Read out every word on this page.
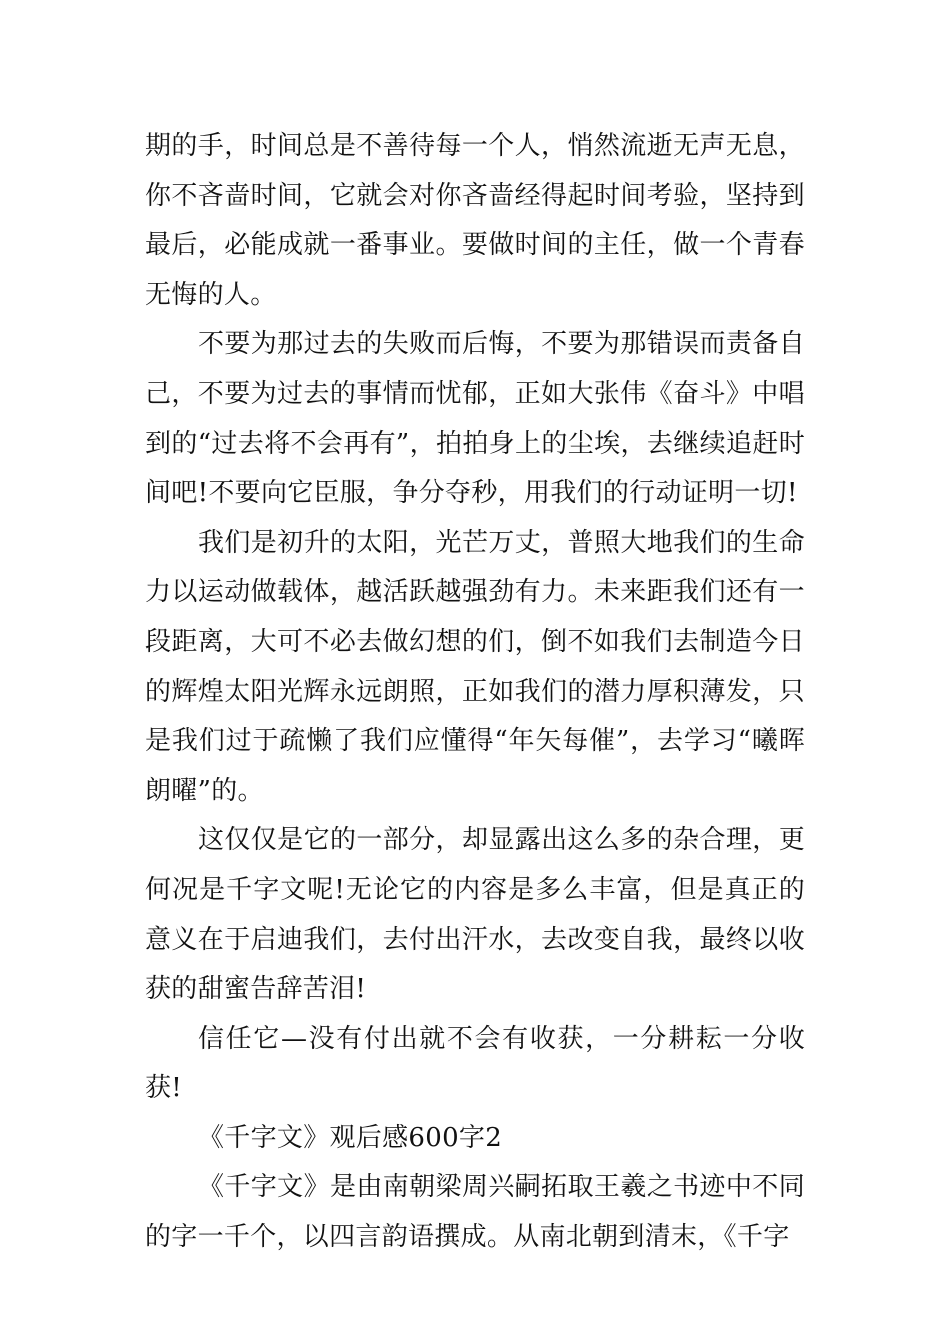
期的手，时间总是不善待每一个人，悄然流逝无声无息，你不吝啬时间，它就会对你吝啬经得起时间考验，坚持到最后，必能成就一番事业。要做时间的主任，做一个青春无悔的人。

不要为那过去的失败而后悔，不要为那错误而责备自己，不要为过去的事情而忧郁，正如大张伟《奋斗》中唱到的“过去将不会再有”，拍拍身上的尘埃，去继续追赶时间吧!不要向它臣服，争分夺秒，用我们的行动证明一切!

我们是初升的太阳，光芒万丈，普照大地我们的生命力以运动做载体，越活跃越强劲有力。未来距我们还有一段距离，大可不必去做幻想的们，倒不如我们去制造今日的辉煌太阳光辉永远朗照，正如我们的潜力厚积薄发，只是我们过于疏懒了我们应懂得“年矢每催”，去学习“曦晖朗曜”的。

这仅仅是它的一部分，却显露出这么多的杂合理，更何况是千字文呢!无论它的内容是多么丰富，但是真正的意义在于启迪我们，去付出汗水，去改变自我，最终以收获的甜蜜告辞苦泪!

信任它—没有付出就不会有收获，一分耕耘一分收获!

《千字文》观后感600字2

《千字文》是由南朝梁周兴嗣拓取王羲之书迹中不同的字一千个，以四言韵语撰成。从南北朝到清末，《千字
